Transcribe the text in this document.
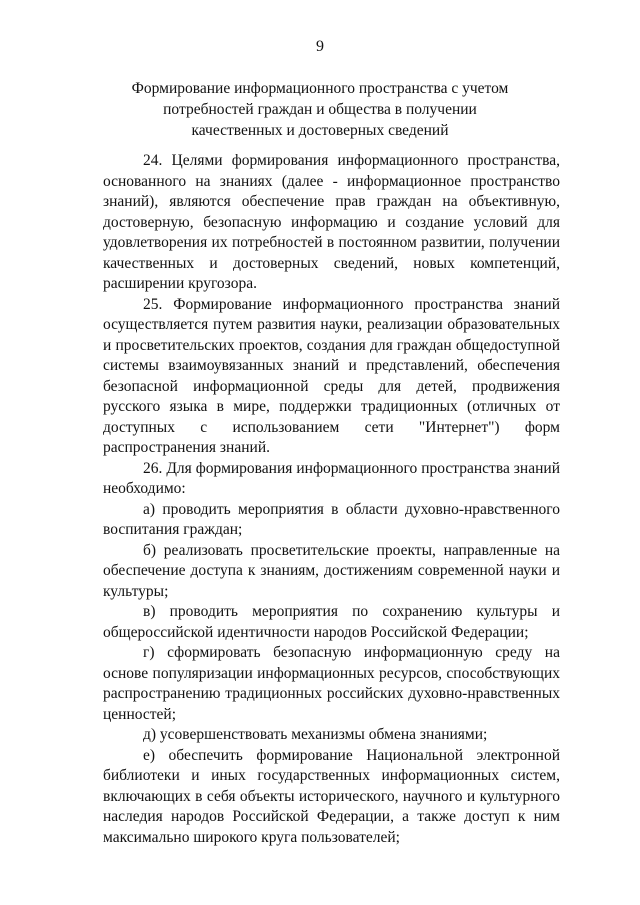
9
Формирование информационного пространства с учетом
потребностей граждан и общества в получении
качественных и достоверных сведений

24. Целями формирования информационного пространства, основанного на знаниях (далее - информационное пространство знаний), являются обеспечение прав граждан на объективную, достоверную, безопасную информацию и создание условий для удовлетворения их потребностей в постоянном развитии, получении качественных и достоверных сведений, новых компетенций, расширении кругозора.

25. Формирование информационного пространства знаний осуществляется путем развития науки, реализации образовательных и просветительских проектов, создания для граждан общедоступной системы взаимоувязанных знаний и представлений, обеспечения безопасной информационной среды для детей, продвижения русского языка в мире, поддержки традиционных (отличных от доступных с использованием сети "Интернет") форм распространения знаний.

26. Для формирования информационного пространства знаний необходимо:

а) проводить мероприятия в области духовно-нравственного воспитания граждан;

б) реализовать просветительские проекты, направленные на обеспечение доступа к знаниям, достижениям современной науки и культуры;

в) проводить мероприятия по сохранению культуры и общероссийской идентичности народов Российской Федерации;

г) сформировать безопасную информационную среду на основе популяризации информационных ресурсов, способствующих распространению традиционных российских духовно-нравственных ценностей;

д) усовершенствовать механизмы обмена знаниями;

е) обеспечить формирование Национальной электронной библиотеки и иных государственных информационных систем, включающих в себя объекты исторического, научного и культурного наследия народов Российской Федерации, а также доступ к ним максимально широкого круга пользователей;
